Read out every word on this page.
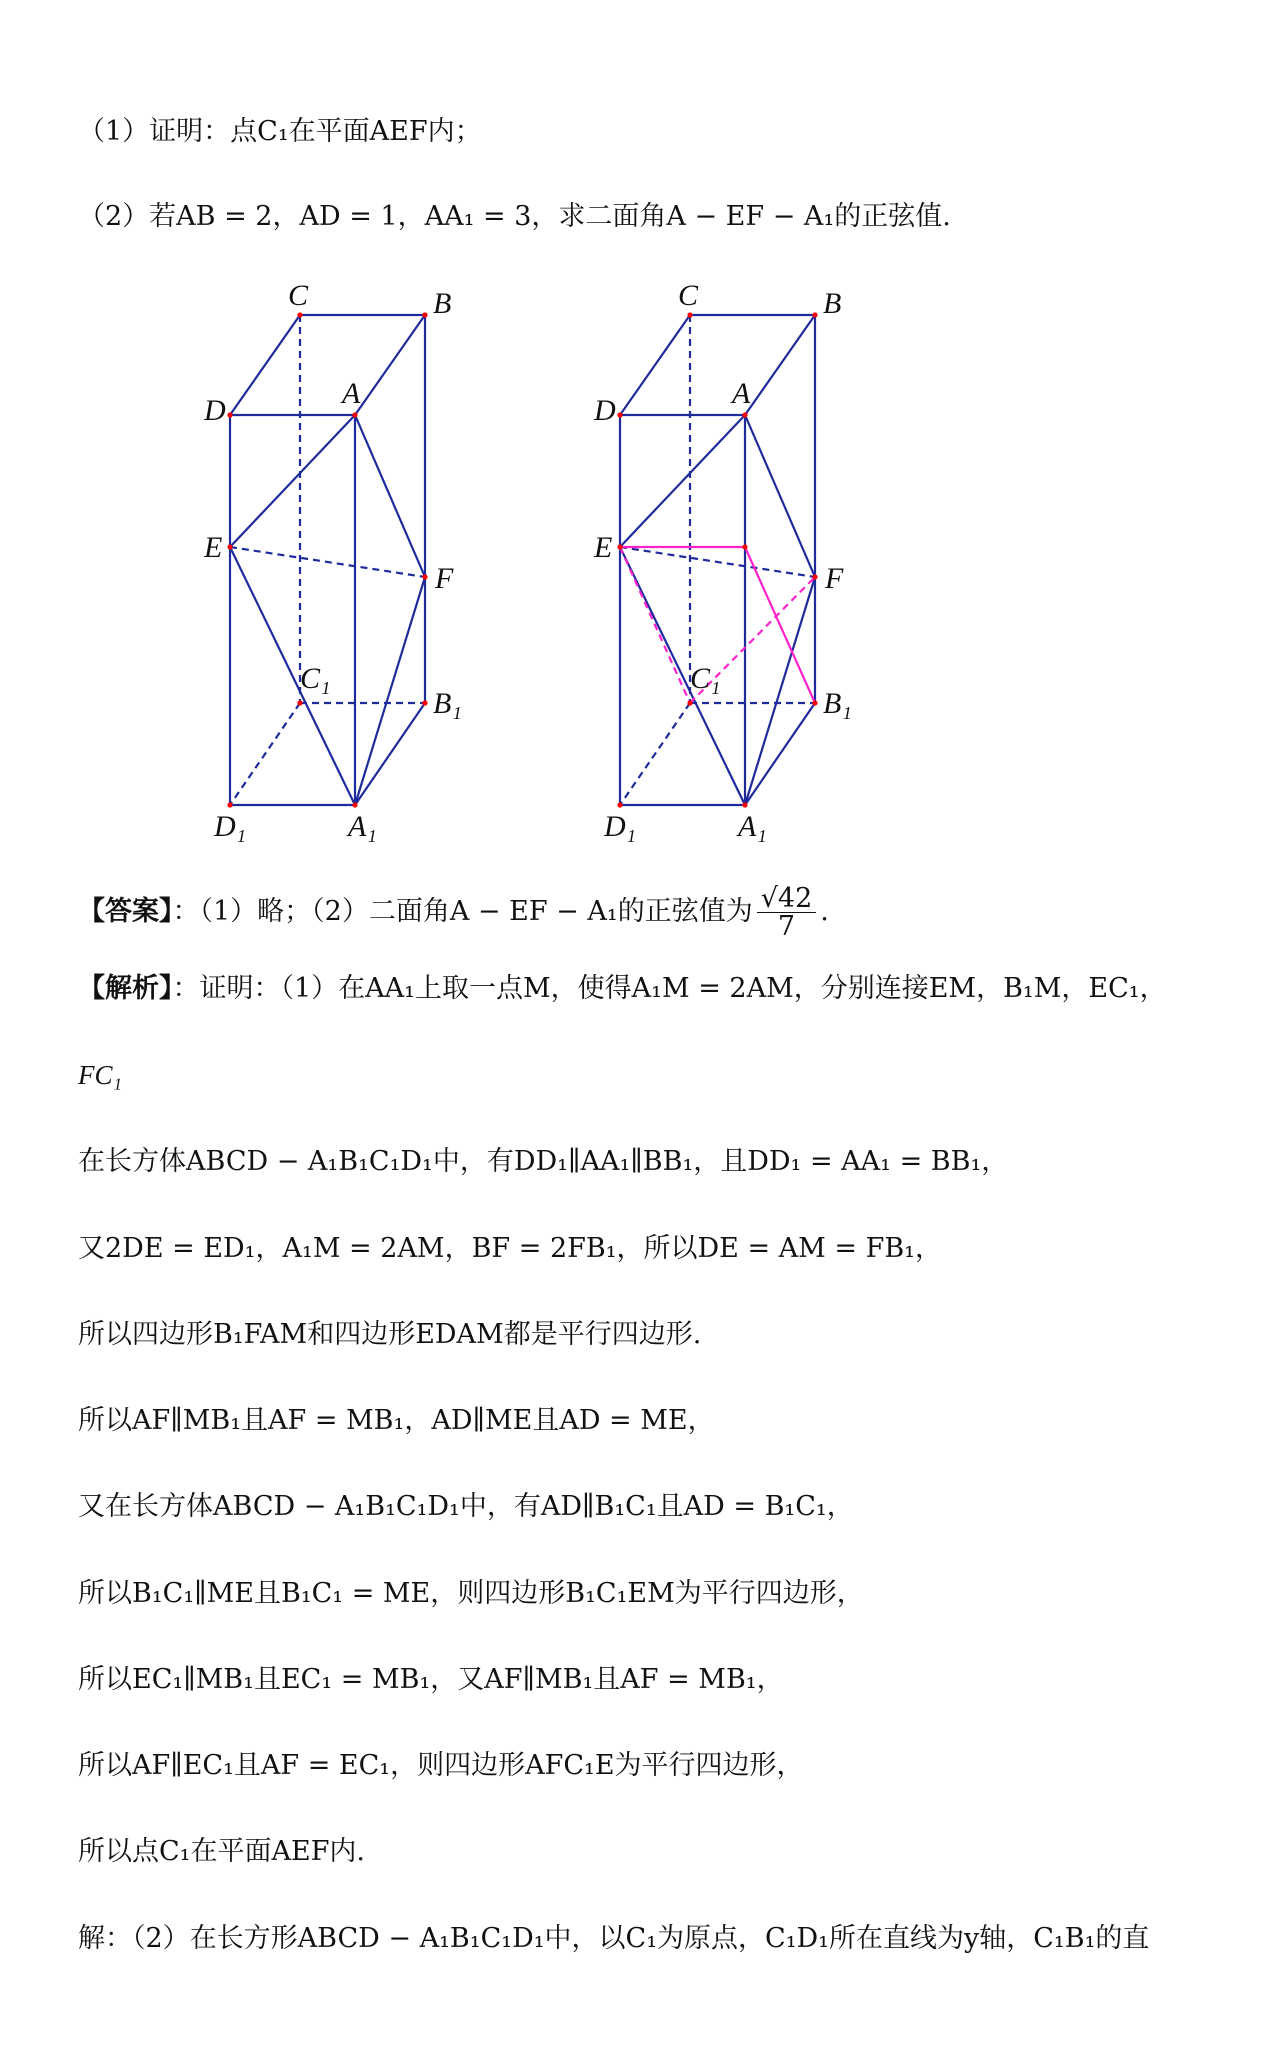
（1）证明：点C₁在平面AEF内；
（2）若AB = 2，AD = 1，AA₁ = 3，求二面角A − EF − A₁的正弦值.
C	B
D
A
E
F
C₁
B₁
D₁	A₁
C	B
D
A
E
F
C₁
B₁
D₁	A₁
【答案】：（1）略；（2）二面角A − EF − A₁的正弦值为 $\frac{√42}{7}$ .
【解析】：证明：（1）在AA₁上取一点M，使得A₁M = 2AM，分别连接EM，B₁M，EC₁，
FC₁
在长方体ABCD − A₁B₁C₁D₁中，有DD₁∥AA₁∥BB₁，且DD₁ = AA₁ = BB₁，
又2DE = ED₁，A₁M = 2AM，BF = 2FB₁，所以DE = AM = FB₁，
所以四边形B₁FAM和四边形EDAM都是平行四边形.
所以AF∥MB₁且AF = MB₁，AD∥ME且AD = ME，
又在长方体ABCD − A₁B₁C₁D₁中，有AD∥B₁C₁且AD = B₁C₁，
所以B₁C₁∥ME且B₁C₁ = ME，则四边形B₁C₁EM为平行四边形，
所以EC₁∥MB₁且EC₁ = MB₁，又AF∥MB₁且AF = MB₁，
所以AF∥EC₁且AF = EC₁，则四边形AFC₁E为平行四边形，
所以点C₁在平面AEF内.
解：（2）在长方形ABCD − A₁B₁C₁D₁中，以C₁为原点，C₁D₁所在直线为y轴，C₁B₁的直
